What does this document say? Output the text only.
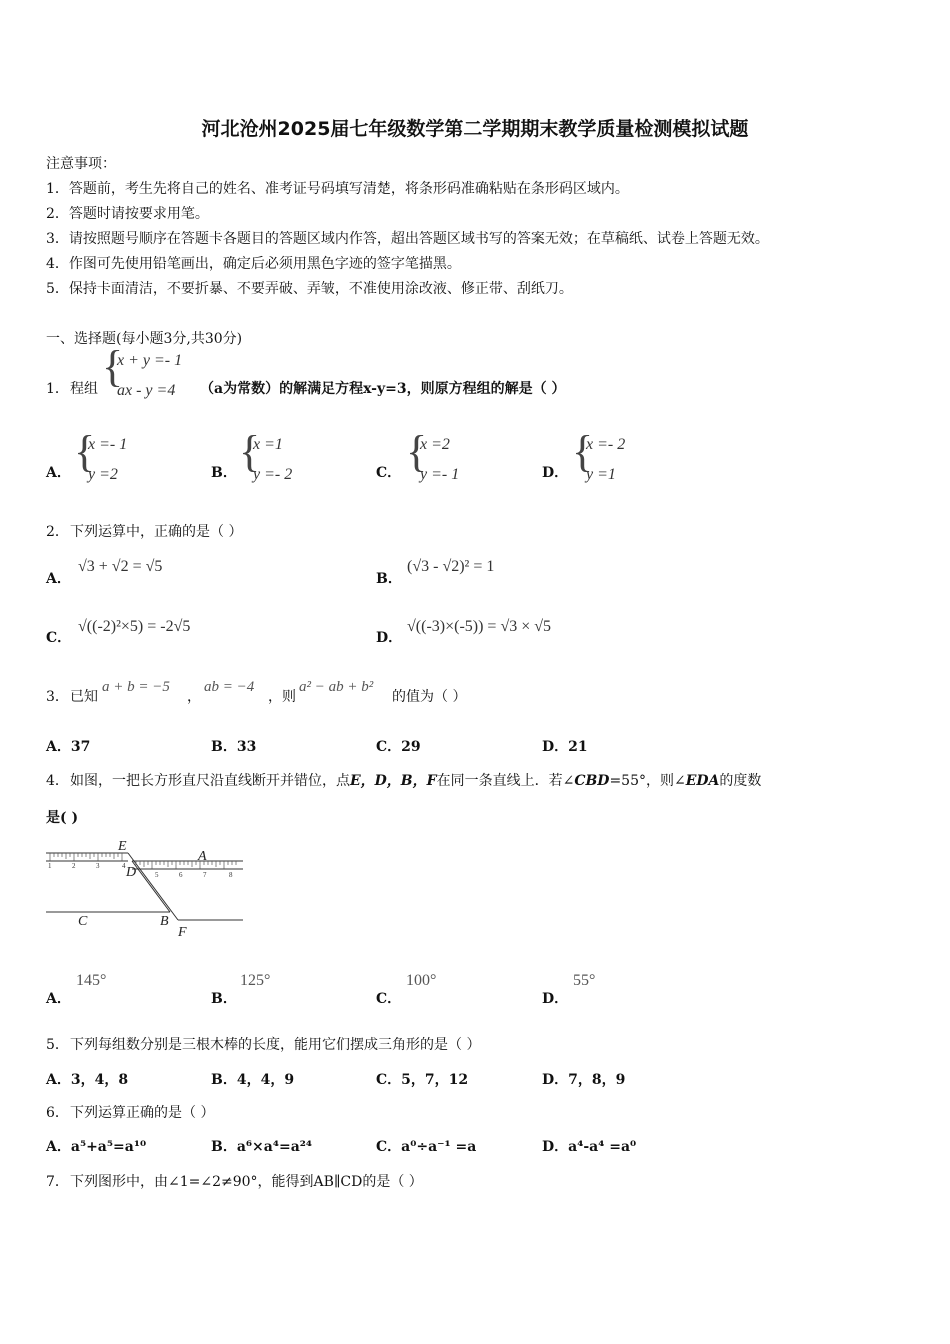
河北沧州2025届七年级数学第二学期期末教学质量检测模拟试题
注意事项：
1．答题前，考生先将自己的姓名、准考证号码填写清楚，将条形码准确粘贴在条形码区域内。
2．答题时请按要求用笔。
3．请按照题号顺序在答题卡各题目的答题区域内作答，超出答题区域书写的答案无效；在草稿纸、试卷上答题无效。
4．作图可先使用铅笔画出，确定后必须用黑色字迹的签字笔描黑。
5．保持卡面清洁，不要折暴、不要弄破、弄皱，不准使用涂改液、修正带、刮纸刀。
一、选择题(每小题3分,共30分)
1． 程组 {
x + y =- 1
ax - y =4 （a为常数）的解满足方程x-y=3，则原方程组的解是（ ）
A． {
x =- 1
y =2	B． {
x =1
y =- 2	C． {
x =2
y =- 1	D． {
x =- 2
y =1
2． 下列运算中，正确的是（ ）
A．
√3 + √2 = √5
B．
(√3 - √2)² = 1
C．
√((-2)²×5) = -2√5
D．
√((-3)×(-5)) = √3 × √5
3． 已知
a + b = −5
，
ab = −4
，则
a² − ab + b²
的值为（ ）
A．37	B．33	C．29	D．21
4． 如图，一把长方形直尺沿直线断开并错位，点E，D，B，F在同一条直线上．若∠CBD=55°，则∠EDA的度数
是( )
1	2	3	4
5	6	7	8
E
A
D
C	B
F
A．
145°
B．
125°
C．
100°
D．
55°
5． 下列每组数分别是三根木棒的长度，能用它们摆成三角形的是（ ）
A．3，4，8	B．4，4，9	C．5，7，12	D．7，8，9
6． 下列运算正确的是（ ）
A．a⁵+a⁵=a¹⁰	B．a⁶×a⁴=a²⁴	C．a⁰÷a⁻¹ =a	D．a⁴-a⁴ =a⁰
7． 下列图形中，由∠1=∠2≠90°，能得到AB∥CD的是（ ）
